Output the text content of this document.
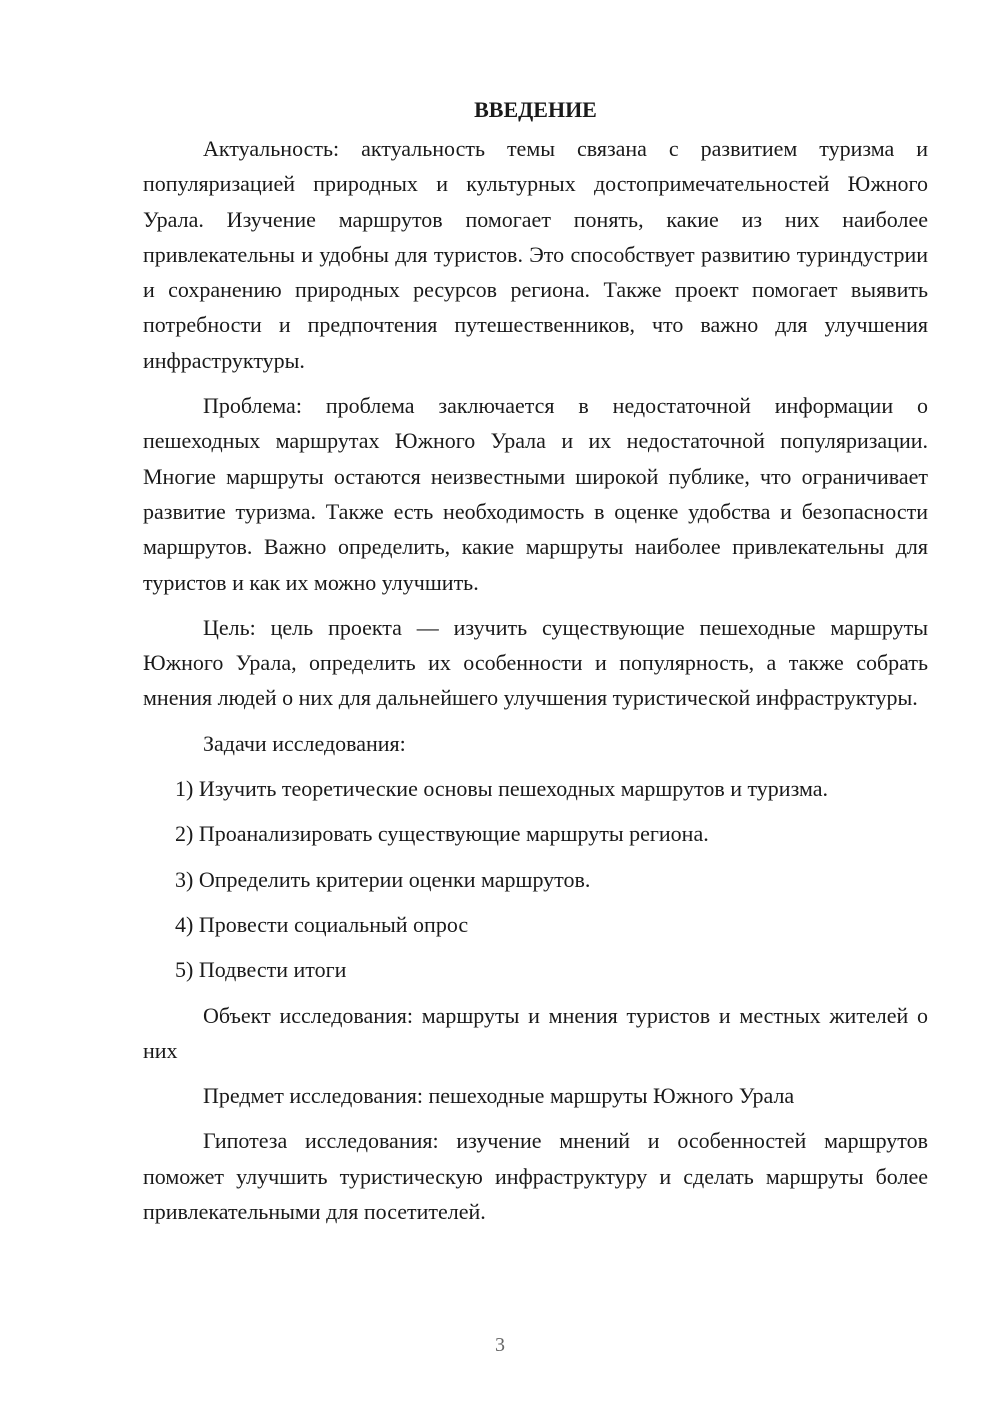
ВВЕДЕНИЕ

Актуальность: актуальность темы связана с развитием туризма и популяризацией природных и культурных достопримечательностей Южного Урала. Изучение маршрутов помогает понять, какие из них наиболее привлекательны и удобны для туристов. Это способствует развитию туриндустрии и сохранению природных ресурсов региона. Также проект помогает выявить потребности и предпочтения путешественников, что важно для улучшения инфраструктуры.

Проблема: проблема заключается в недостаточной информации о пешеходных маршрутах Южного Урала и их недостаточной популяризации. Многие маршруты остаются неизвестными широкой публике, что ограничивает развитие туризма. Также есть необходимость в оценке удобства и безопасности маршрутов. Важно определить, какие маршруты наиболее привлекательны для туристов и как их можно улучшить.

Цель: цель проекта — изучить существующие пешеходные маршруты Южного Урала, определить их особенности и популярность, а также собрать мнения людей о них для дальнейшего улучшения туристической инфраструктуры.

Задачи исследования:

1) Изучить теоретические основы пешеходных маршрутов и туризма.

2) Проанализировать существующие маршруты региона.

3) Определить критерии оценки маршрутов.

4) Провести социальный опрос

5) Подвести итоги

Объект исследования: маршруты и мнения туристов и местных жителей о них

Предмет исследования: пешеходные маршруты Южного Урала

Гипотеза исследования: изучение мнений и особенностей маршрутов поможет улучшить туристическую инфраструктуру и сделать маршруты более привлекательными для посетителей.

3
